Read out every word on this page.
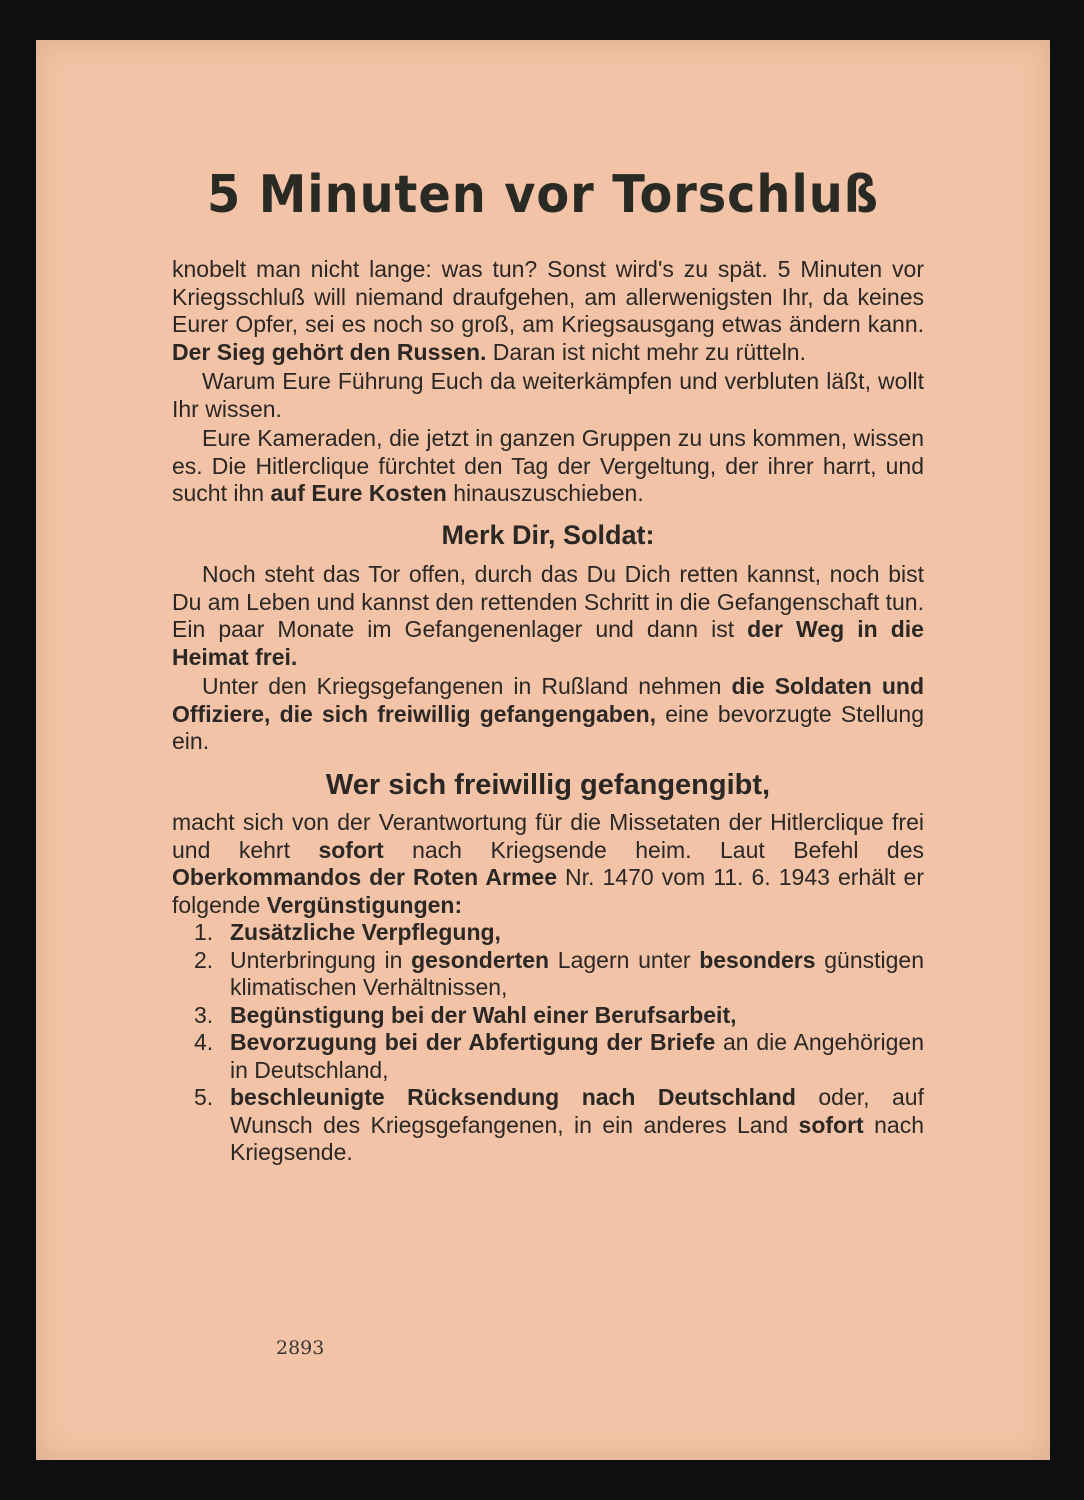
5 Minuten vor Torschluß

knobelt man nicht lange: was tun? Sonst wird's zu spät. 5 Minuten vor Kriegsschluß will niemand draufgehen, am allerwenigsten Ihr, da keines Eurer Opfer, sei es noch so groß, am Kriegsausgang etwas ändern kann. Der Sieg gehört den Russen. Daran ist nicht mehr zu rütteln.

Warum Eure Führung Euch da weiterkämpfen und verbluten läßt, wollt Ihr wissen.

Eure Kameraden, die jetzt in ganzen Gruppen zu uns kommen, wissen es. Die Hitlerclique fürchtet den Tag der Vergeltung, der ihrer harrt, und sucht ihn auf Eure Kosten hinauszuschieben.

Merk Dir, Soldat:

Noch steht das Tor offen, durch das Du Dich retten kannst, noch bist Du am Leben und kannst den rettenden Schritt in die Gefangenschaft tun. Ein paar Monate im Gefangenenlager und dann ist der Weg in die Heimat frei.

Unter den Kriegsgefangenen in Rußland nehmen die Soldaten und Offiziere, die sich freiwillig gefangengaben, eine bevorzugte Stellung ein.

Wer sich freiwillig gefangengibt,

macht sich von der Verantwortung für die Missetaten der Hitlerclique frei und kehrt sofort nach Kriegsende heim. Laut Befehl des Oberkommandos der Roten Armee Nr. 1470 vom 11. 6. 1943 erhält er folgende Vergünstigungen:

1. Zusätzliche Verpflegung,
2. Unterbringung in gesonderten Lagern unter besonders günstigen klimatischen Verhältnissen,
3. Begünstigung bei der Wahl einer Berufsarbeit,
4. Bevorzugung bei der Abfertigung der Briefe an die Angehörigen in Deutschland,
5. beschleunigte Rücksendung nach Deutschland oder, auf Wunsch des Kriegsgefangenen, in ein anderes Land sofort nach Kriegsende.
2893
